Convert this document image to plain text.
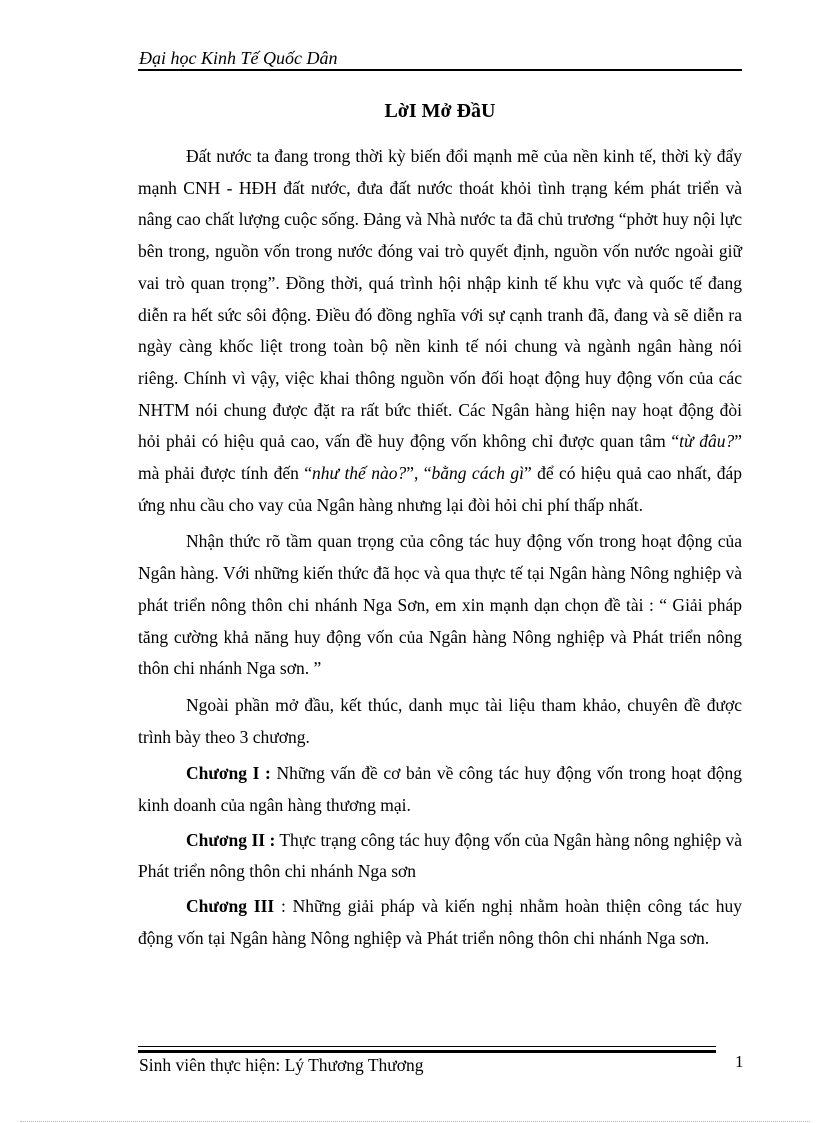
Đại học Kinh Tế Quốc Dân
LờI Mở ĐầU

Đất nước ta đang trong thời kỳ biến đổi mạnh mẽ của nền kinh tế, thời kỳ đẩy mạnh CNH - HĐH đất nước, đưa đất nước thoát khỏi tình trạng kém phát triển và nâng cao chất lượng cuộc sống. Đảng và Nhà nước ta đã chủ trương “phởt huy nội lực bên trong, nguồn vốn trong nước đóng vai trò quyết định, nguồn vốn nước ngoài giữ vai trò quan trọng”. Đồng thời, quá trình hội nhập kinh tế khu vực và quốc tế đang diễn ra hết sức sôi động. Điều đó đồng nghĩa với sự cạnh tranh đã, đang và sẽ diễn ra ngày càng khốc liệt trong toàn bộ nền kinh tế nói chung và ngành ngân hàng nói riêng. Chính vì vậy, việc khai thông nguồn vốn đối hoạt động huy động vốn của các NHTM nói chung được đặt ra rất bức thiết. Các Ngân hàng hiện nay hoạt động đòi hỏi phải có hiệu quả cao, vấn đề huy động vốn không chỉ được quan tâm “từ đâu?” mà phải được tính đến “như thế nào?”, “bằng cách gì” để có hiệu quả cao nhất, đáp ứng nhu cầu cho vay của Ngân hàng nhưng lại đòi hỏi chi phí thấp nhất.

Nhận thức rõ tầm quan trọng của công tác huy động vốn trong hoạt động của Ngân hàng. Với những kiến thức đã học và qua thực tế tại Ngân hàng Nông nghiệp và phát triển nông thôn chi nhánh Nga Sơn, em xin mạnh dạn chọn đề tài : “ Giải pháp tăng cường khả năng huy động vốn của Ngân hàng Nông nghiệp và Phát triển nông thôn chi nhánh Nga sơn. ”

Ngoài phần mở đầu, kết thúc, danh mục tài liệu tham khảo, chuyên đề được trình bày theo 3 chương.

Chương I : Những vấn đề cơ bản về công tác huy động vốn trong hoạt động kinh doanh của ngân hàng thương mại.

Chương II : Thực trạng công tác huy động vốn của Ngân hàng nông nghiệp và Phát triển nông thôn chi nhánh Nga sơn

Chương III : Những giải pháp và kiến nghị nhằm hoàn thiện công tác huy động vốn tại Ngân hàng Nông nghiệp và Phát triển nông thôn chi nhánh Nga sơn.

Sinh viên thực hiện: Lý Thương Thương	1
